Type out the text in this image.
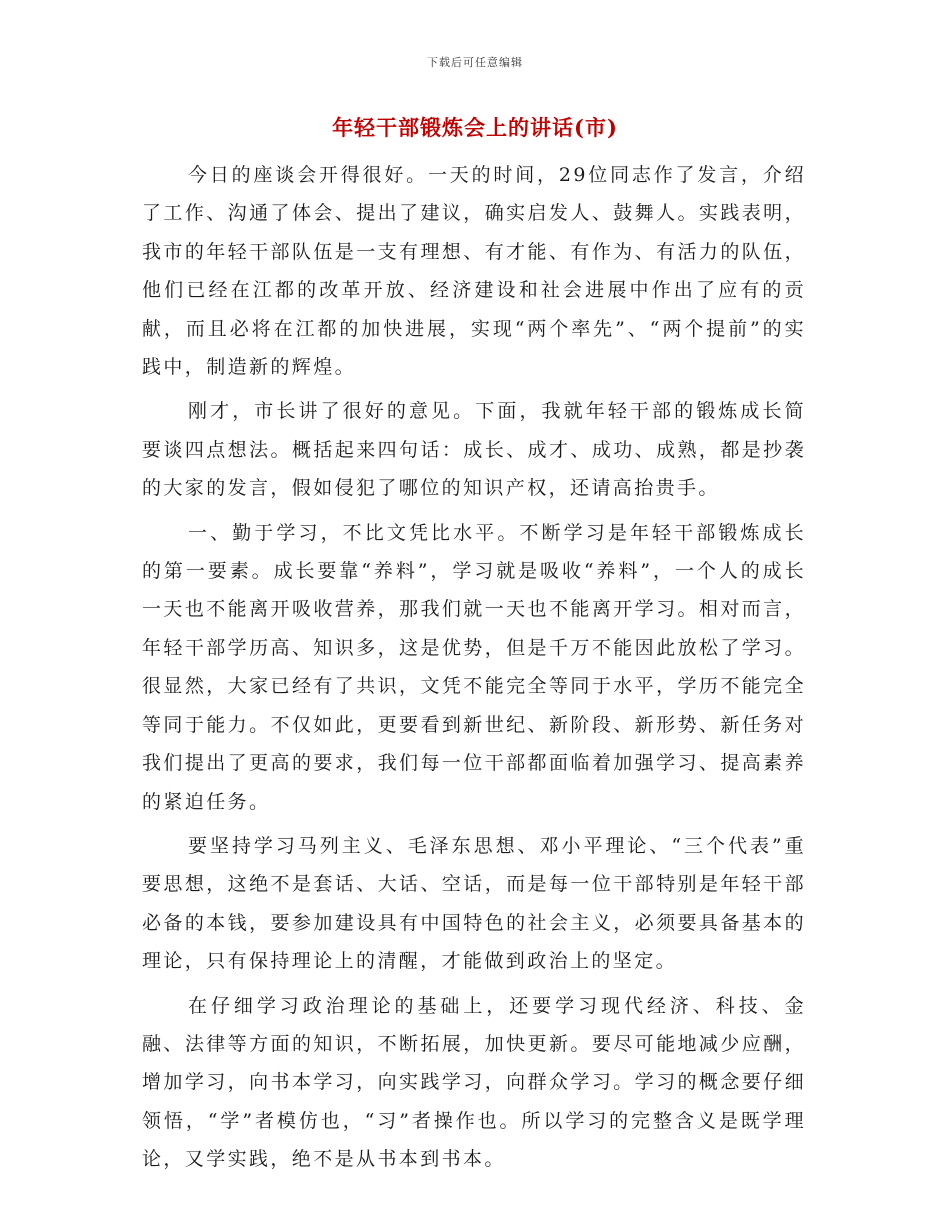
下载后可任意编辑
年轻干部锻炼会上的讲话(市)

今日的座谈会开得很好。一天的时间，29位同志作了发言，介绍了工作、沟通了体会、提出了建议，确实启发人、鼓舞人。实践表明，我市的年轻干部队伍是一支有理想、有才能、有作为、有活力的队伍，他们已经在江都的改革开放、经济建设和社会进展中作出了应有的贡献，而且必将在江都的加快进展，实现“两个率先”、“两个提前”的实践中，制造新的辉煌。

刚才，市长讲了很好的意见。下面，我就年轻干部的锻炼成长简要谈四点想法。概括起来四句话：成长、成才、成功、成熟，都是抄袭的大家的发言，假如侵犯了哪位的知识产权，还请高抬贵手。

一、勤于学习，不比文凭比水平。不断学习是年轻干部锻炼成长的第一要素。成长要靠“养料”，学习就是吸收“养料”，一个人的成长一天也不能离开吸收营养，那我们就一天也不能离开学习。相对而言，年轻干部学历高、知识多，这是优势，但是千万不能因此放松了学习。很显然，大家已经有了共识，文凭不能完全等同于水平，学历不能完全等同于能力。不仅如此，更要看到新世纪、新阶段、新形势、新任务对我们提出了更高的要求，我们每一位干部都面临着加强学习、提高素养的紧迫任务。

要坚持学习马列主义、毛泽东思想、邓小平理论、“三个代表”重要思想，这绝不是套话、大话、空话，而是每一位干部特别是年轻干部必备的本钱，要参加建设具有中国特色的社会主义，必须要具备基本的理论，只有保持理论上的清醒，才能做到政治上的坚定。

在仔细学习政治理论的基础上，还要学习现代经济、科技、金融、法律等方面的知识，不断拓展，加快更新。要尽可能地减少应酬，增加学习，向书本学习，向实践学习，向群众学习。学习的概念要仔细领悟，“学”者模仿也，“习”者操作也。所以学习的完整含义是既学理论，又学实践，绝不是从书本到书本。
